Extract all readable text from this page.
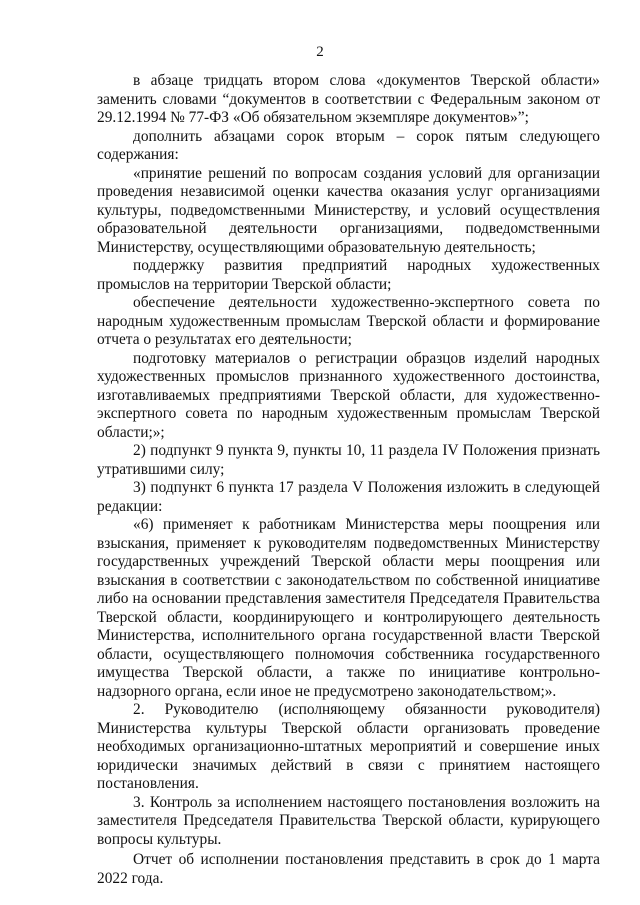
2

в абзаце тридцать втором слова «документов Тверской области» заменить словами “документов в соответствии с Федеральным законом от 29.12.1994 № 77-ФЗ «Об обязательном экземпляре документов»”;

дополнить абзацами сорок вторым – сорок пятым следующего содержания:

«принятие решений по вопросам создания условий для организации проведения независимой оценки качества оказания услуг организациями культуры, подведомственными Министерству, и условий осуществления образовательной деятельности организациями, подведомственными Министерству, осуществляющими образовательную деятельность;

поддержку развития предприятий народных художественных промыслов на территории Тверской области;

обеспечение деятельности художественно-экспертного совета по народным художественным промыслам Тверской области и формирование отчета о результатах его деятельности;

подготовку материалов о регистрации образцов изделий народных художественных промыслов признанного художественного достоинства, изготавливаемых предприятиями Тверской области, для художественно-экспертного совета по народным художественным промыслам Тверской области;»;

2) подпункт 9 пункта 9, пункты 10, 11 раздела IV Положения признать утратившими силу;

3) подпункт 6 пункта 17 раздела V Положения изложить в следующей редакции:

«6) применяет к работникам Министерства меры поощрения или взыскания, применяет к руководителям подведомственных Министерству государственных учреждений Тверской области меры поощрения или взыскания в соответствии с законодательством по собственной инициативе либо на основании представления заместителя Председателя Правительства Тверской области, координирующего и контролирующего деятельность Министерства, исполнительного органа государственной власти Тверской области, осуществляющего полномочия собственника государственного имущества Тверской области, а также по инициативе контрольно-надзорного органа, если иное не предусмотрено законодательством;».

2. Руководителю (исполняющему обязанности руководителя) Министерства культуры Тверской области организовать проведение необходимых организационно-штатных мероприятий и совершение иных юридически значимых действий в связи с принятием настоящего постановления.

3. Контроль за исполнением настоящего постановления возложить на заместителя Председателя Правительства Тверской области, курирующего вопросы культуры.

Отчет об исполнении постановления представить в срок до 1 марта 2022 года.
